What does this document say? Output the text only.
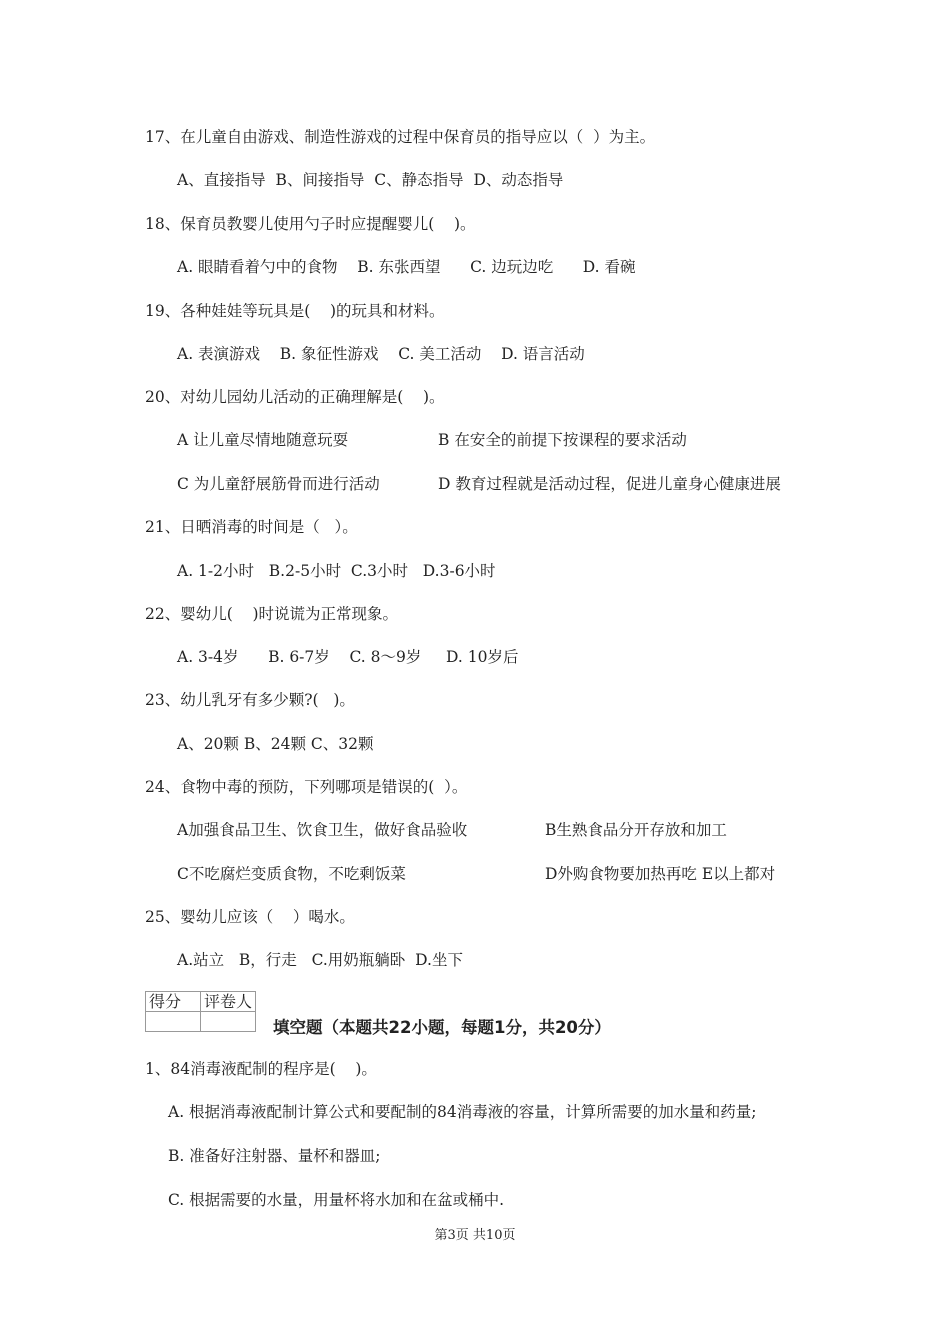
17、在儿童自由游戏、制造性游戏的过程中保育员的指导应以（  ）为主。
A、直接指导  B、间接指导  C、静态指导  D、动态指导
18、保育员教婴儿使用勺子时应提醒婴儿(    )。
A. 眼睛看着勺中的食物    B. 东张西望      C. 边玩边吃      D. 看碗
19、各种娃娃等玩具是(    )的玩具和材料。
A. 表演游戏    B. 象征性游戏    C. 美工活动    D. 语言活动
20、对幼儿园幼儿活动的正确理解是(    )。
A 让儿童尽情地随意玩耍	B 在安全的前提下按课程的要求活动
C 为儿童舒展筋骨而进行活动	D 教育过程就是活动过程，促进儿童身心健康进展
21、日晒消毒的时间是（   ）。
A. 1-2小时   B.2-5小时  C.3小时   D.3-6小时
22、婴幼儿(    )时说谎为正常现象。
A. 3-4岁      B. 6-7岁    C. 8～9岁     D. 10岁后
23、幼儿乳牙有多少颗?(   )。
A、20颗 B、24颗 C、32颗
24、食物中毒的预防，下列哪项是错误的(  ）。
A加强食品卫生、饮食卫生，做好食品验收	B生熟食品分开存放和加工
C不吃腐烂变质食物，不吃剩饭菜	D外购食物要加热再吃 E以上都对
25、婴幼儿应该（    ）喝水。
A.站立   B，行走   C.用奶瓶躺卧  D.坐下
得分	评卷人

填空题（本题共22小题，每题1分，共20分）
1、84消毒液配制的程序是(    )。
A. 根据消毒液配制计算公式和要配制的84消毒液的容量，计算所需要的加水量和药量;
B. 准备好注射器、量杯和器皿;
C. 根据需要的水量，用量杯将水加和在盆或桶中.
第3页 共10页
